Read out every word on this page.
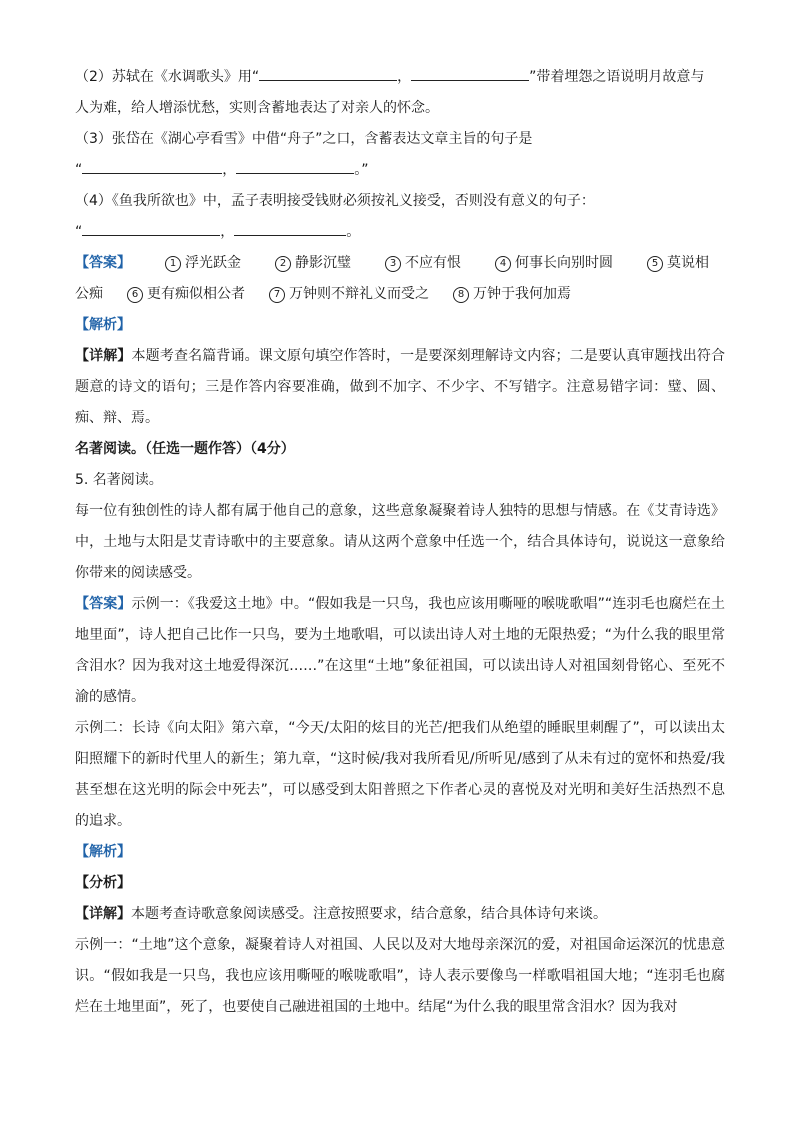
（2）苏轼在《水调歌头》用“	，	”带着埋怨之语说明月故意与

人为难，给人增添忧愁，实则含蓄地表达了对亲人的怀念。

（3）张岱在《湖心亭看雪》中借“舟子”之口，含蓄表达文章主旨的句子是

“	，	。”

（4）《鱼我所欲也》中，孟子表明接受钱财必须按礼义接受，否则没有意义的句子：

“	，	。

【答案】	1 浮光跃金	2 静影沉璧	3 不应有恨	4 何事长向别时圆	5 莫说相

公痴	6 更有痴似相公者	7 万钟则不辩礼义而受之	8 万钟于我何加焉

【解析】

【详解】本题考查名篇背诵。课文原句填空作答时，一是要深刻理解诗文内容；二是要认真审题找出符合题意的诗文的语句；三是作答内容要准确，做到不加字、不少字、不写错字。注意易错字词：璧、圆、痴、辩、焉。

名著阅读。（任选一题作答）（4分）

5. 名著阅读。

每一位有独创性的诗人都有属于他自己的意象，这些意象凝聚着诗人独特的思想与情感。在《艾青诗选》中，土地与太阳是艾青诗歌中的主要意象。请从这两个意象中任选一个，结合具体诗句，说说这一意象给你带来的阅读感受。

【答案】示例一：《我爱这土地》中。“假如我是一只鸟，我也应该用嘶哑的喉咙歌唱”“连羽毛也腐烂在土地里面”，诗人把自己比作一只鸟，要为土地歌唱，可以读出诗人对土地的无限热爱；“为什么我的眼里常含泪水？因为我对这土地爱得深沉……”在这里“土地”象征祖国，可以读出诗人对祖国刻骨铭心、至死不渝的感情。

示例二：长诗《向太阳》第六章，“今天/太阳的炫目的光芒/把我们从绝望的睡眠里刺醒了”，可以读出太阳照耀下的新时代里人的新生；第九章，“这时候/我对我所看见/所听见/感到了从未有过的宽怀和热爱/我甚至想在这光明的际会中死去”，可以感受到太阳普照之下作者心灵的喜悦及对光明和美好生活热烈不息的追求。

【解析】

【分析】

【详解】本题考查诗歌意象阅读感受。注意按照要求，结合意象，结合具体诗句来谈。

示例一：“土地”这个意象，凝聚着诗人对祖国、人民以及对大地母亲深沉的爱，对祖国命运深沉的忧患意识。“假如我是一只鸟，我也应该用嘶哑的喉咙歌唱”，诗人表示要像鸟一样歌唱祖国大地；“连羽毛也腐烂在土地里面”，死了，也要使自己融进祖国的土地中。结尾“为什么我的眼里常含泪水？因为我对
